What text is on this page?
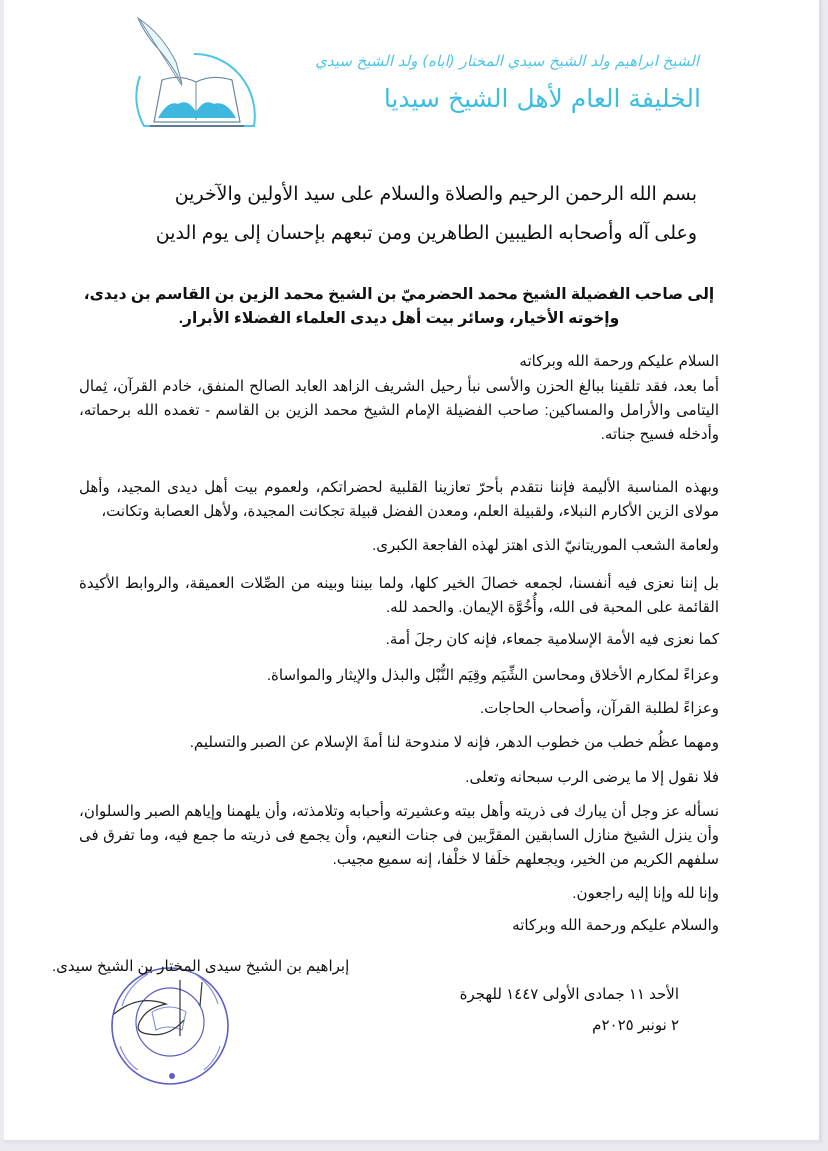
الشيخ ابراهيم ولد الشيخ سيدي المختار (اباه) ولد الشيخ سيدي
الخليفة العام لأهل الشيخ سيديا
بسم الله الرحمن الرحيم والصلاة والسلام على سيد الأولين والآخرين
وعلى آله وأصحابه الطيبين الطاهرين ومن تبعهم بإحسان إلى يوم الدين
إلى صاحب الفضيلة الشيخ محمد الحضرميّ بن الشيخ محمد الزين بن القاسم بن ديدى، وإخوته الأخيار، وسائر بيت أهل ديدى العلماء الفضلاء الأبرار.
السلام عليكم ورحمة الله وبركاته
أما بعد، فقد تلقينا ببالغ الحزن والأسى نبأ رحيل الشريف الزاهد العابد الصالح المنفق، خادم القرآن، ثِمال اليتامى والأرامل والمساكين: صاحب الفضيلة الإمام الشيخ محمد الزين بن القاسم - تغمده الله برحماته، وأدخله فسيح جناته.
وبهذه المناسبة الأليمة فإننا نتقدم بأحرّ تعازينا القلبية لحضراتكم، ولعموم بيت أهل ديدى المجيد، وأهل مولاى الزين الأكارم النبلاء، ولقبيلة العلم، ومعدن الفضل قبيلة تجكانت المجيدة، ولأهل العصابة وتكانت،
ولعامة الشعب الموريتانيّ الذى اهتز لهذه الفاجعة الكبرى.
بل إننا نعزى فيه أنفسنا، لجمعه خصالَ الخير كلها، ولما بيننا وبينه من الصِّلات العميقة، والروابط الأكيدة القائمة على المحبة فى الله، وأُخُوَّة الإيمان. والحمد لله.
كما نعزى فيه الأمة الإسلامية جمعاء، فإنه كان رجلَ أمة.
وعزاءً لمكارم الأخلاق ومحاسن الشِّيَم وقِيَم النُّبْل والبذل والإيثار والمواساة.
وعزاءً لطلبة القرآن، وأصحاب الحاجات.
ومهما عظُم خطب من خطوب الدهر، فإنه لا مندوحة لنا أمةَ الإسلام عن الصبر والتسليم.
فلا نقول إلا ما يرضى الرب سبحانه وتعلى.
نسأله عز وجل أن يبارك فى ذريته وأهل بيته وعشيرته وأحبابه وتلامذته، وأن يلهمنا وإياهم الصبر والسلوان، وأن ينزل الشيخ منازل السابقين المقرَّبين فى جنات النعيم، وأن يجمع فى ذريته ما جمع فيه، وما تفرق فى سلفهم الكريم من الخير، ويجعلهم خلَفا لا خلْفا، إنه سميع مجيب.
وإنا لله وإنا إليه راجعون.
والسلام عليكم ورحمة الله وبركاته
إبراهيم بن الشيخ سيدى المختار بن الشيخ سيدى.
الأحد ١١ جمادى الأولى ١٤٤٧ للهجرة
٢ نونبر ٢٠٢٥م
